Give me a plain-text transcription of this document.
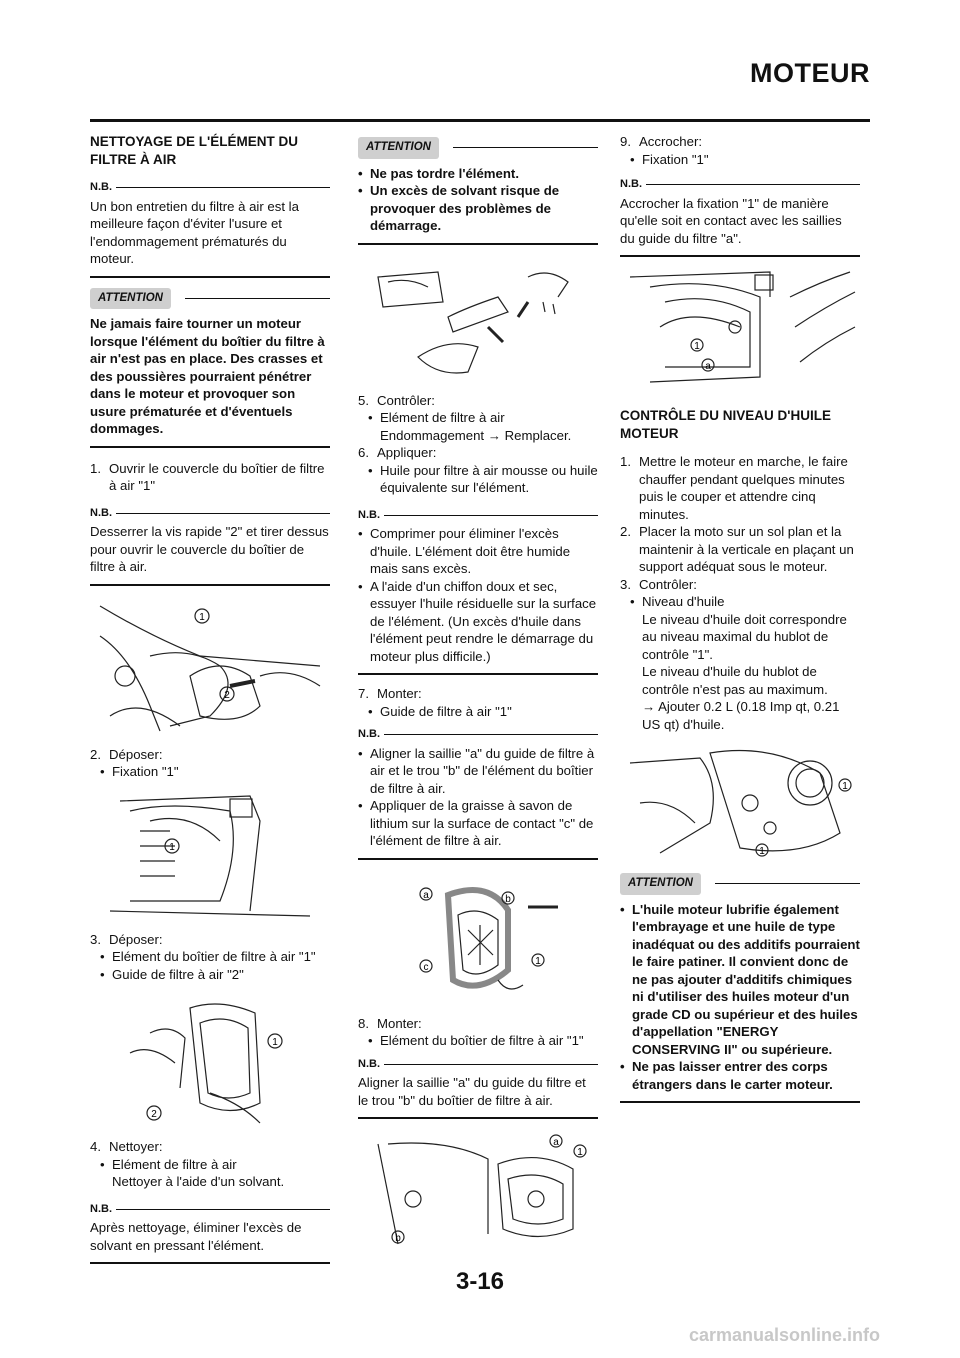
MOTEUR
NETTOYAGE DE L'ÉLÉMENT DU FILTRE À AIR
N.B.
Un bon entretien du filtre à air est la meilleure façon d'éviter l'usure et l'endommagement prématurés du moteur.
ATTENTION
Ne jamais faire tourner un moteur lorsque l'élément du boîtier du filtre à air n'est pas en place. Des crasses et des poussières pourraient pénétrer dans le moteur et provoquer son usure prématurée et d'éventuels dommages.
1. Ouvrir le couvercle du boîtier de filtre à air "1"
N.B.
Desserrer la vis rapide "2" et tirer dessus pour ouvrir le couvercle du boîtier de filtre à air.
1
2
2. Déposer:
• Fixation "1"
1
3. Déposer:
• Elément du boîtier de filtre à air "1"
• Guide de filtre à air "2"
1
2
4. Nettoyer:
• Elément de filtre à air
Nettoyer à l'aide d'un solvant.
N.B.
Après nettoyage, éliminer l'excès de solvant en pressant l'élément.
ATTENTION
• Ne pas tordre l'élément.
• Un excès de solvant risque de provoquer des problèmes de démarrage.
5. Contrôler:
• Elément de filtre à air
Endommagement → Remplacer.
6. Appliquer:
• Huile pour filtre à air mousse ou huile équivalente sur l'élément.
N.B.
• Comprimer pour éliminer l'excès d'huile. L'élément doit être humide mais sans excès.
• A l'aide d'un chiffon doux et sec, essuyer l'huile résiduelle sur la surface de l'élément. (Un excès d'huile dans l'élément peut rendre le démarrage du moteur plus difficile.)
7. Monter:
• Guide de filtre à air "1"
N.B.
• Aligner la saillie "a" du guide de filtre à air et le trou "b" de l'élément du boîtier de filtre à air.
• Appliquer de la graisse à savon de lithium sur la surface de contact "c" de l'élément de filtre à air.
a	b
c
1
8. Monter:
• Elément du boîtier de filtre à air "1"
N.B.
Aligner la saillie "a" du guide du filtre et le trou "b" du boîtier de filtre à air.
b
a
1
9. Accrocher:
• Fixation "1"
N.B.
Accrocher la fixation "1" de manière qu'elle soit en contact avec les saillies du guide du filtre "a".
1
a
CONTRÔLE DU NIVEAU D'HUILE MOTEUR
1. Mettre le moteur en marche, le faire chauffer pendant quelques minutes puis le couper et attendre cinq minutes.
2. Placer la moto sur un sol plan et la maintenir à la verticale en plaçant un support adéquat sous le moteur.
3. Contrôler:
• Niveau d'huile
Le niveau d'huile doit correspondre au niveau maximal du hublot de contrôle "1".
Le niveau d'huile du hublot de contrôle n'est pas au maximum.
→ Ajouter 0.2 L (0.18 Imp qt, 0.21 US qt) d'huile.
1
1
ATTENTION
• L'huile moteur lubrifie également l'embrayage et une huile de type inadéquat ou des additifs pourraient le faire patiner. Il convient donc de ne pas ajouter d'additifs chimiques ni d'utiliser des huiles moteur d'un grade CD ou supérieur et des huiles d'appellation "ENERGY CONSERVING II" ou supérieure.
• Ne pas laisser entrer des corps étrangers dans le carter moteur.
3-16
carmanualsonline.info
